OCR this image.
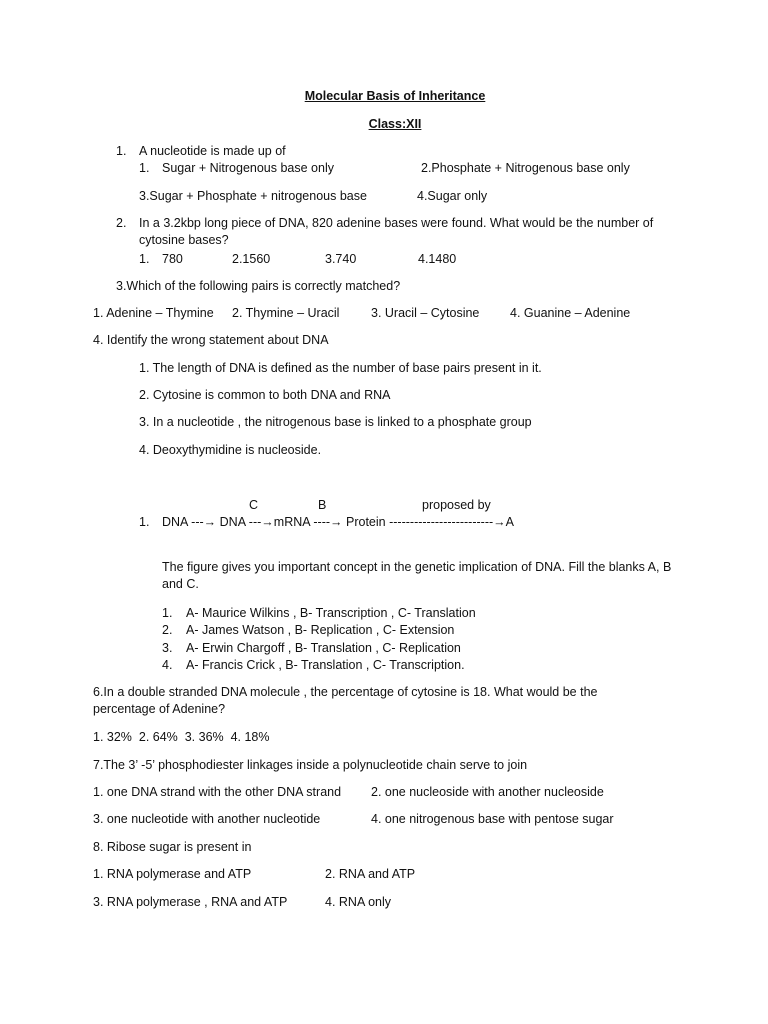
Molecular Basis of Inheritance
Class:XII
1. A nucleotide is made up of
1. Sugar + Nitrogenous base only	2.Phosphate + Nitrogenous base only
3.Sugar + Phosphate + nitrogenous base	4.Sugar only
2. In a 3.2kbp long piece of DNA, 820 adenine bases were found. What would be the number of cytosine bases?
1. 780	2.1560	3.740	4.1480
3.Which of the following pairs is correctly matched?
1. Adenine – Thymine 2. Thymine – Uracil	3. Uracil – Cytosine 4. Guanine – Adenine
4. Identify the wrong statement about DNA
1. The length of DNA is defined as the number of base pairs present in it.
2. Cytosine is common to both DNA and RNA
3. In a nucleotide , the nitrogenous base is linked to a phosphate group
4. Deoxythymidine is nucleoside.
C	B	proposed by
1. DNA ---→ DNA ---→mRNA ----→ Protein -------------------------→A
The figure gives you important concept in the genetic implication of DNA. Fill the blanks A, B and C.
1. A- Maurice Wilkins , B- Transcription , C- Translation
2. A- James Watson , B- Replication , C- Extension
3. A- Erwin Chargoff , B- Translation , C- Replication
4. A- Francis Crick , B- Translation , C- Transcription.
6.In a double stranded DNA molecule , the percentage of cytosine is 18. What would be the percentage of Adenine?
1. 32%  2. 64%  3. 36%  4. 18%
7.The 3’ -5’ phosphodiester linkages inside a polynucleotide chain serve to join
1. one DNA strand with the other DNA strand 2. one nucleoside with another nucleoside
3. one nucleotide with another nucleotide	4. one nitrogenous base with pentose sugar
8. Ribose sugar is present in
1. RNA polymerase and ATP	2. RNA and ATP
3. RNA polymerase , RNA and ATP	4. RNA only
